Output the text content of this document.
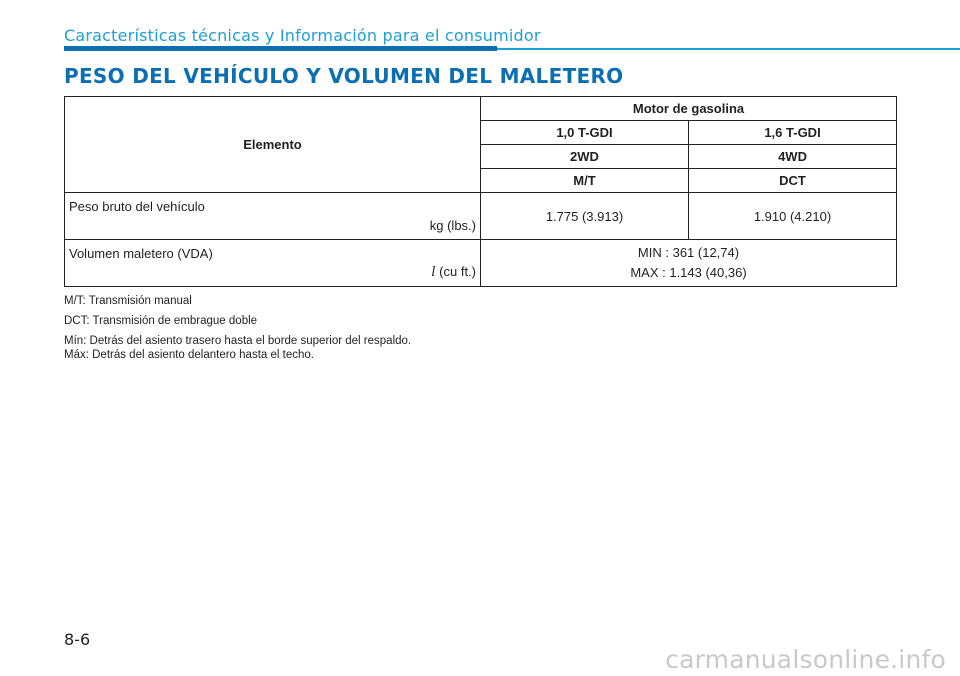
Características técnicas y Información para el consumidor
PESO DEL VEHÍCULO Y VOLUMEN DEL MALETERO
Elemento	Motor de gasolina	
	1,0 T-GDI	1,6 T-GDI
	2WD	4WD
	M/T	DCT

Peso bruto del vehículo
kg (lbs.)	1.775 (3.913)	1.910 (4.210)

Volumen maletero (VDA)
l (cu ft.)	MIN : 361 (12,74)
MAX : 1.143 (40,36)	

M/T: Transmisión manual

DCT: Transmisión de embrague doble

Mín: Detrás del asiento trasero hasta el borde superior del respaldo.

Máx: Detrás del asiento delantero hasta el techo.

8-6
carmanualsonline.info
